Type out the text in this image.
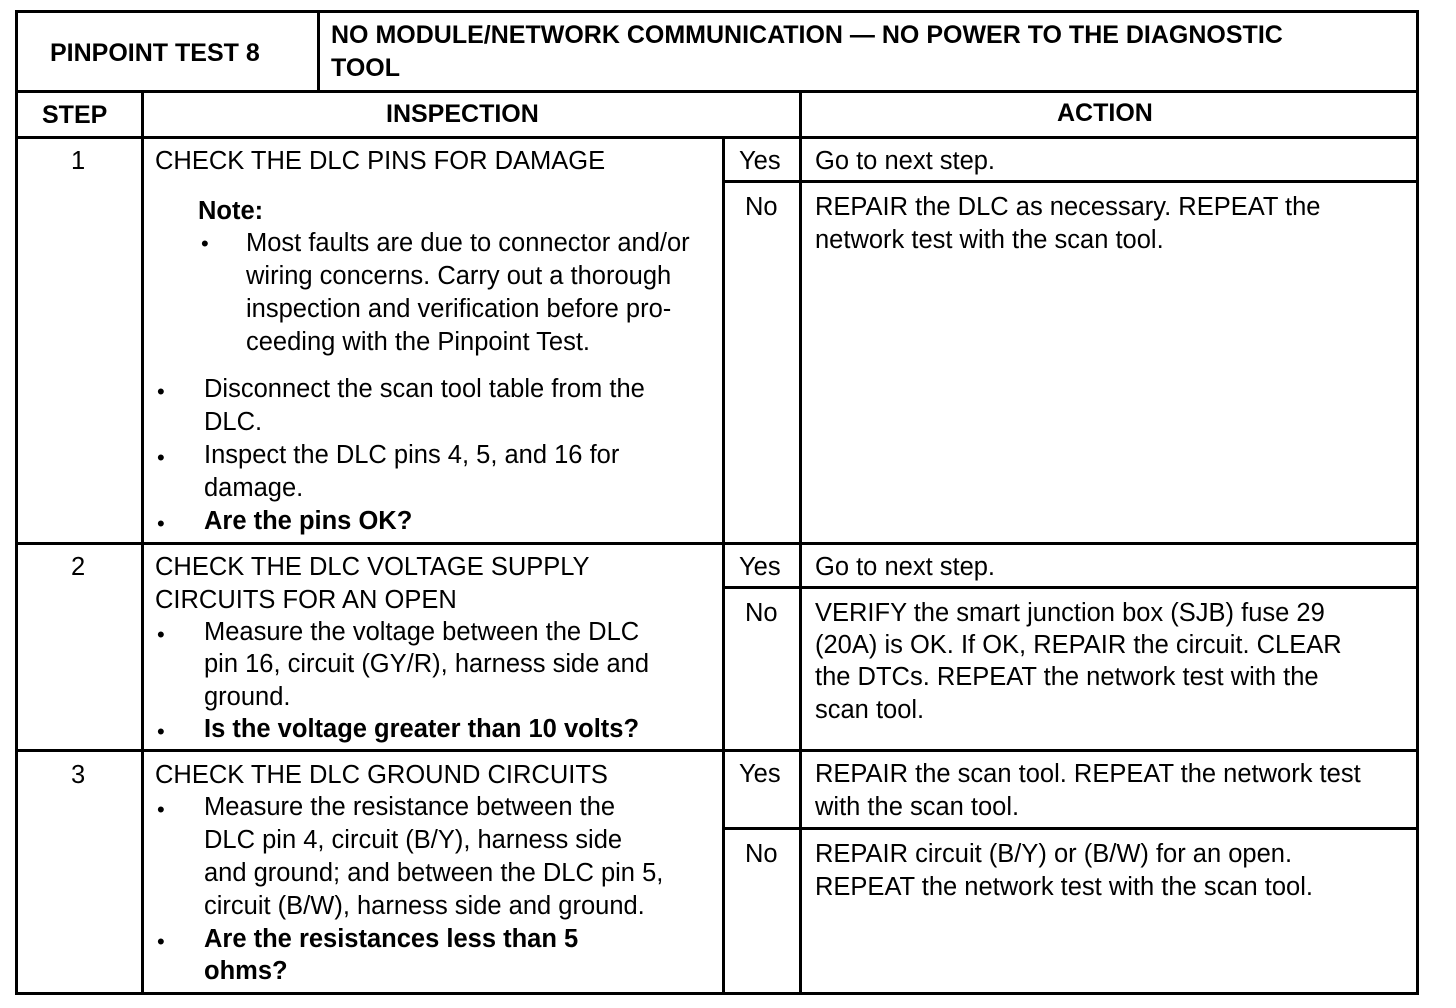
PINPOINT TEST 8
NO MODULE/NETWORK COMMUNICATION — NO POWER TO THE DIAGNOSTIC
TOOL
STEP	INSPECTION	ACTION
1	CHECK THE DLC PINS FOR DAMAGE
Note:
• Most faults are due to connector and/or
wiring concerns. Carry out a thorough
inspection and verification before pro-
ceeding with the Pinpoint Test.
• Disconnect the scan tool table from the
DLC.
• Inspect the DLC pins 4, 5, and 16 for
damage.
• Are the pins OK?
Yes Go to next step.
No REPAIR the DLC as necessary. REPEAT the
network test with the scan tool.
2	CHECK THE DLC VOLTAGE SUPPLY
CIRCUITS FOR AN OPEN
• Measure the voltage between the DLC
pin 16, circuit (GY/R), harness side and
ground.
• Is the voltage greater than 10 volts?
Yes Go to next step.
No VERIFY the smart junction box (SJB) fuse 29
(20A) is OK. If OK, REPAIR the circuit. CLEAR
the DTCs. REPEAT the network test with the
scan tool.
3	CHECK THE DLC GROUND CIRCUITS
• Measure the resistance between the
DLC pin 4, circuit (B/Y), harness side
and ground; and between the DLC pin 5,
circuit (B/W), harness side and ground.
• Are the resistances less than 5
ohms?
Yes REPAIR the scan tool. REPEAT the network test
with the scan tool.
No REPAIR circuit (B/Y) or (B/W) for an open.
REPEAT the network test with the scan tool.
